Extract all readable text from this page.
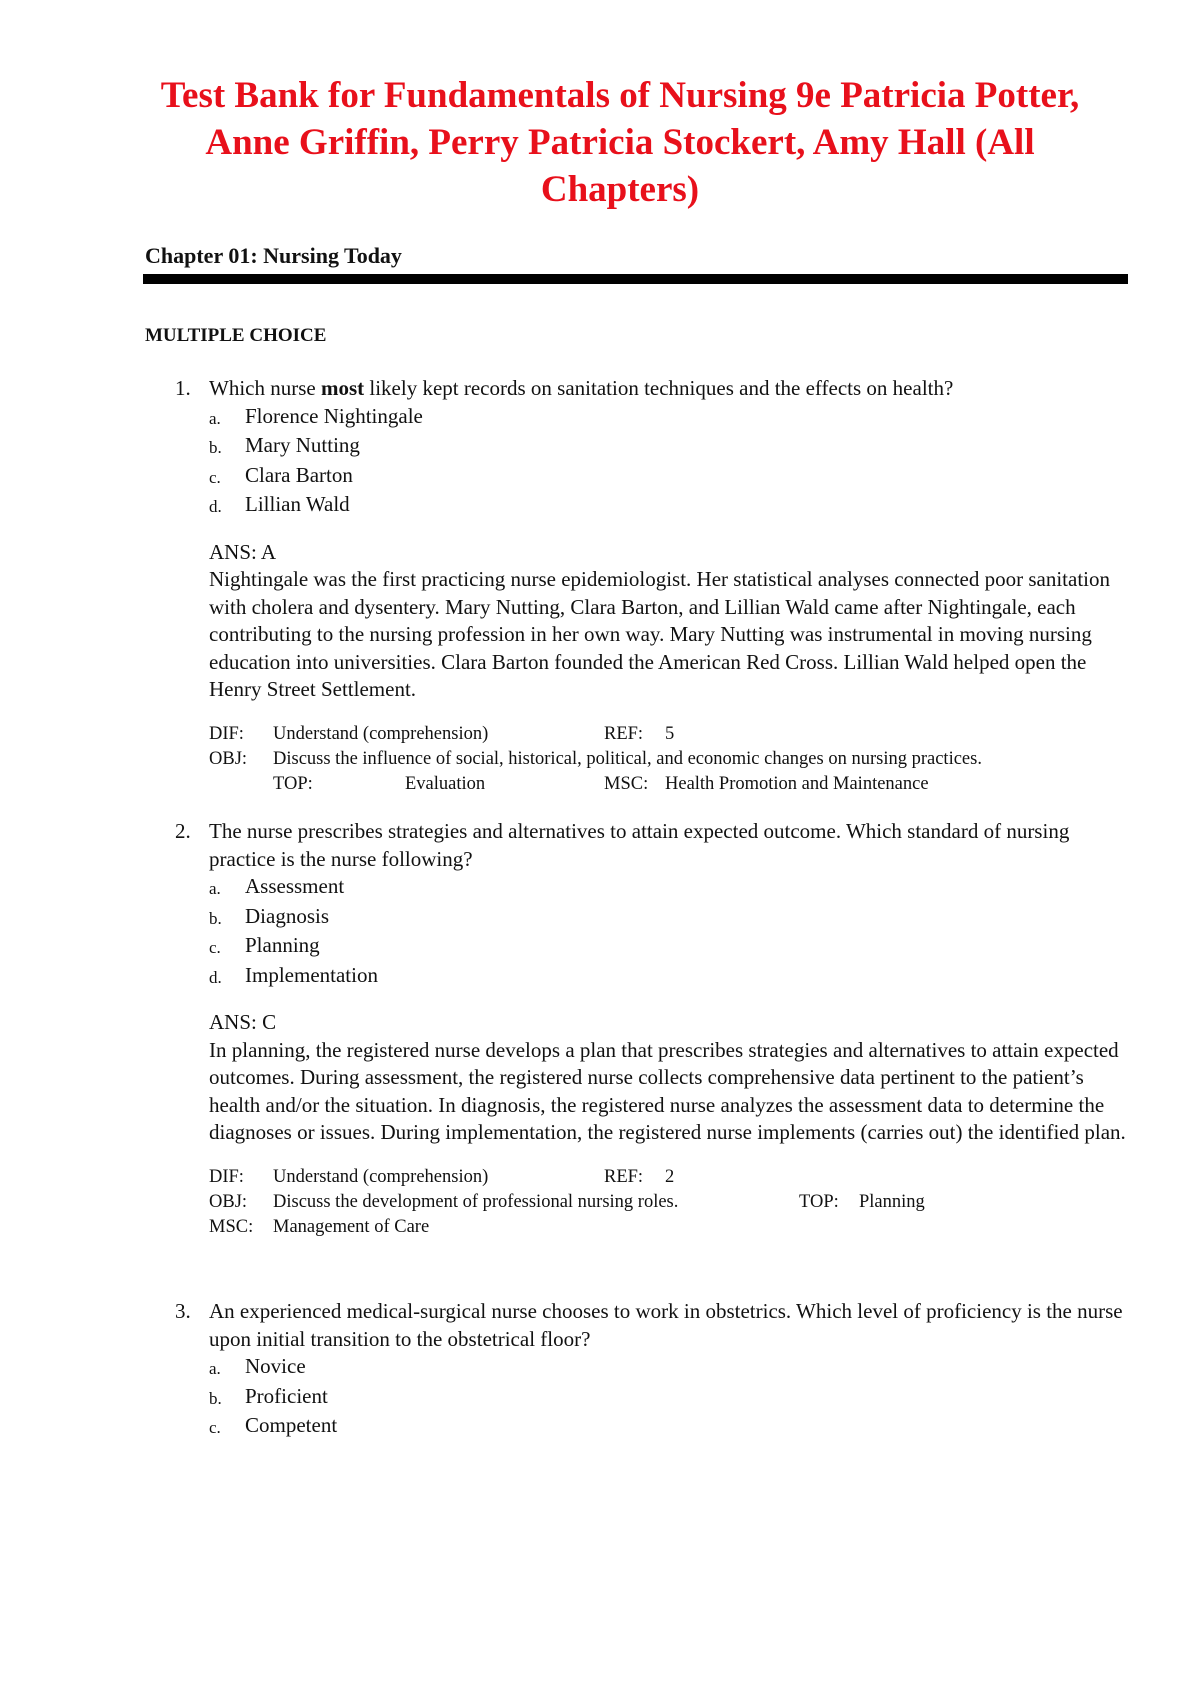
Test Bank for Fundamentals of Nursing 9e Patricia Potter, Anne Griffin, Perry Patricia Stockert, Amy Hall (All Chapters)
Chapter 01: Nursing Today
MULTIPLE CHOICE
1. Which nurse most likely kept records on sanitation techniques and the effects on health?
a.	Florence Nightingale
b.	Mary Nutting
c.	Clara Barton
d.	Lillian Wald
ANS: A
Nightingale was the first practicing nurse epidemiologist. Her statistical analyses connected poor sanitation with cholera and dysentery. Mary Nutting, Clara Barton, and Lillian Wald came after Nightingale, each contributing to the nursing profession in her own way. Mary Nutting was instrumental in moving nursing education into universities. Clara Barton founded the American Red Cross. Lillian Wald helped open the Henry Street Settlement.
DIF: Understand (comprehension)	REF: 5
OBJ: Discuss the influence of social, historical, political, and economic changes on nursing practices.
TOP:	Evaluation	MSC: Health Promotion and Maintenance
2. The nurse prescribes strategies and alternatives to attain expected outcome. Which standard of nursing practice is the nurse following?
a.	Assessment
b.	Diagnosis
c.	Planning
d.	Implementation
ANS: C
In planning, the registered nurse develops a plan that prescribes strategies and alternatives to attain expected outcomes. During assessment, the registered nurse collects comprehensive data pertinent to the patient’s health and/or the situation. In diagnosis, the registered nurse analyzes the assessment data to determine the diagnoses or issues. During implementation, the registered nurse implements (carries out) the identified plan.
DIF: Understand (comprehension)	REF: 2
OBJ: Discuss the development of professional nursing roles.	TOP: Planning
MSC: Management of Care
3. An experienced medical-surgical nurse chooses to work in obstetrics. Which level of proficiency is the nurse upon initial transition to the obstetrical floor?
a.	Novice
b.	Proficient
c.	Competent
